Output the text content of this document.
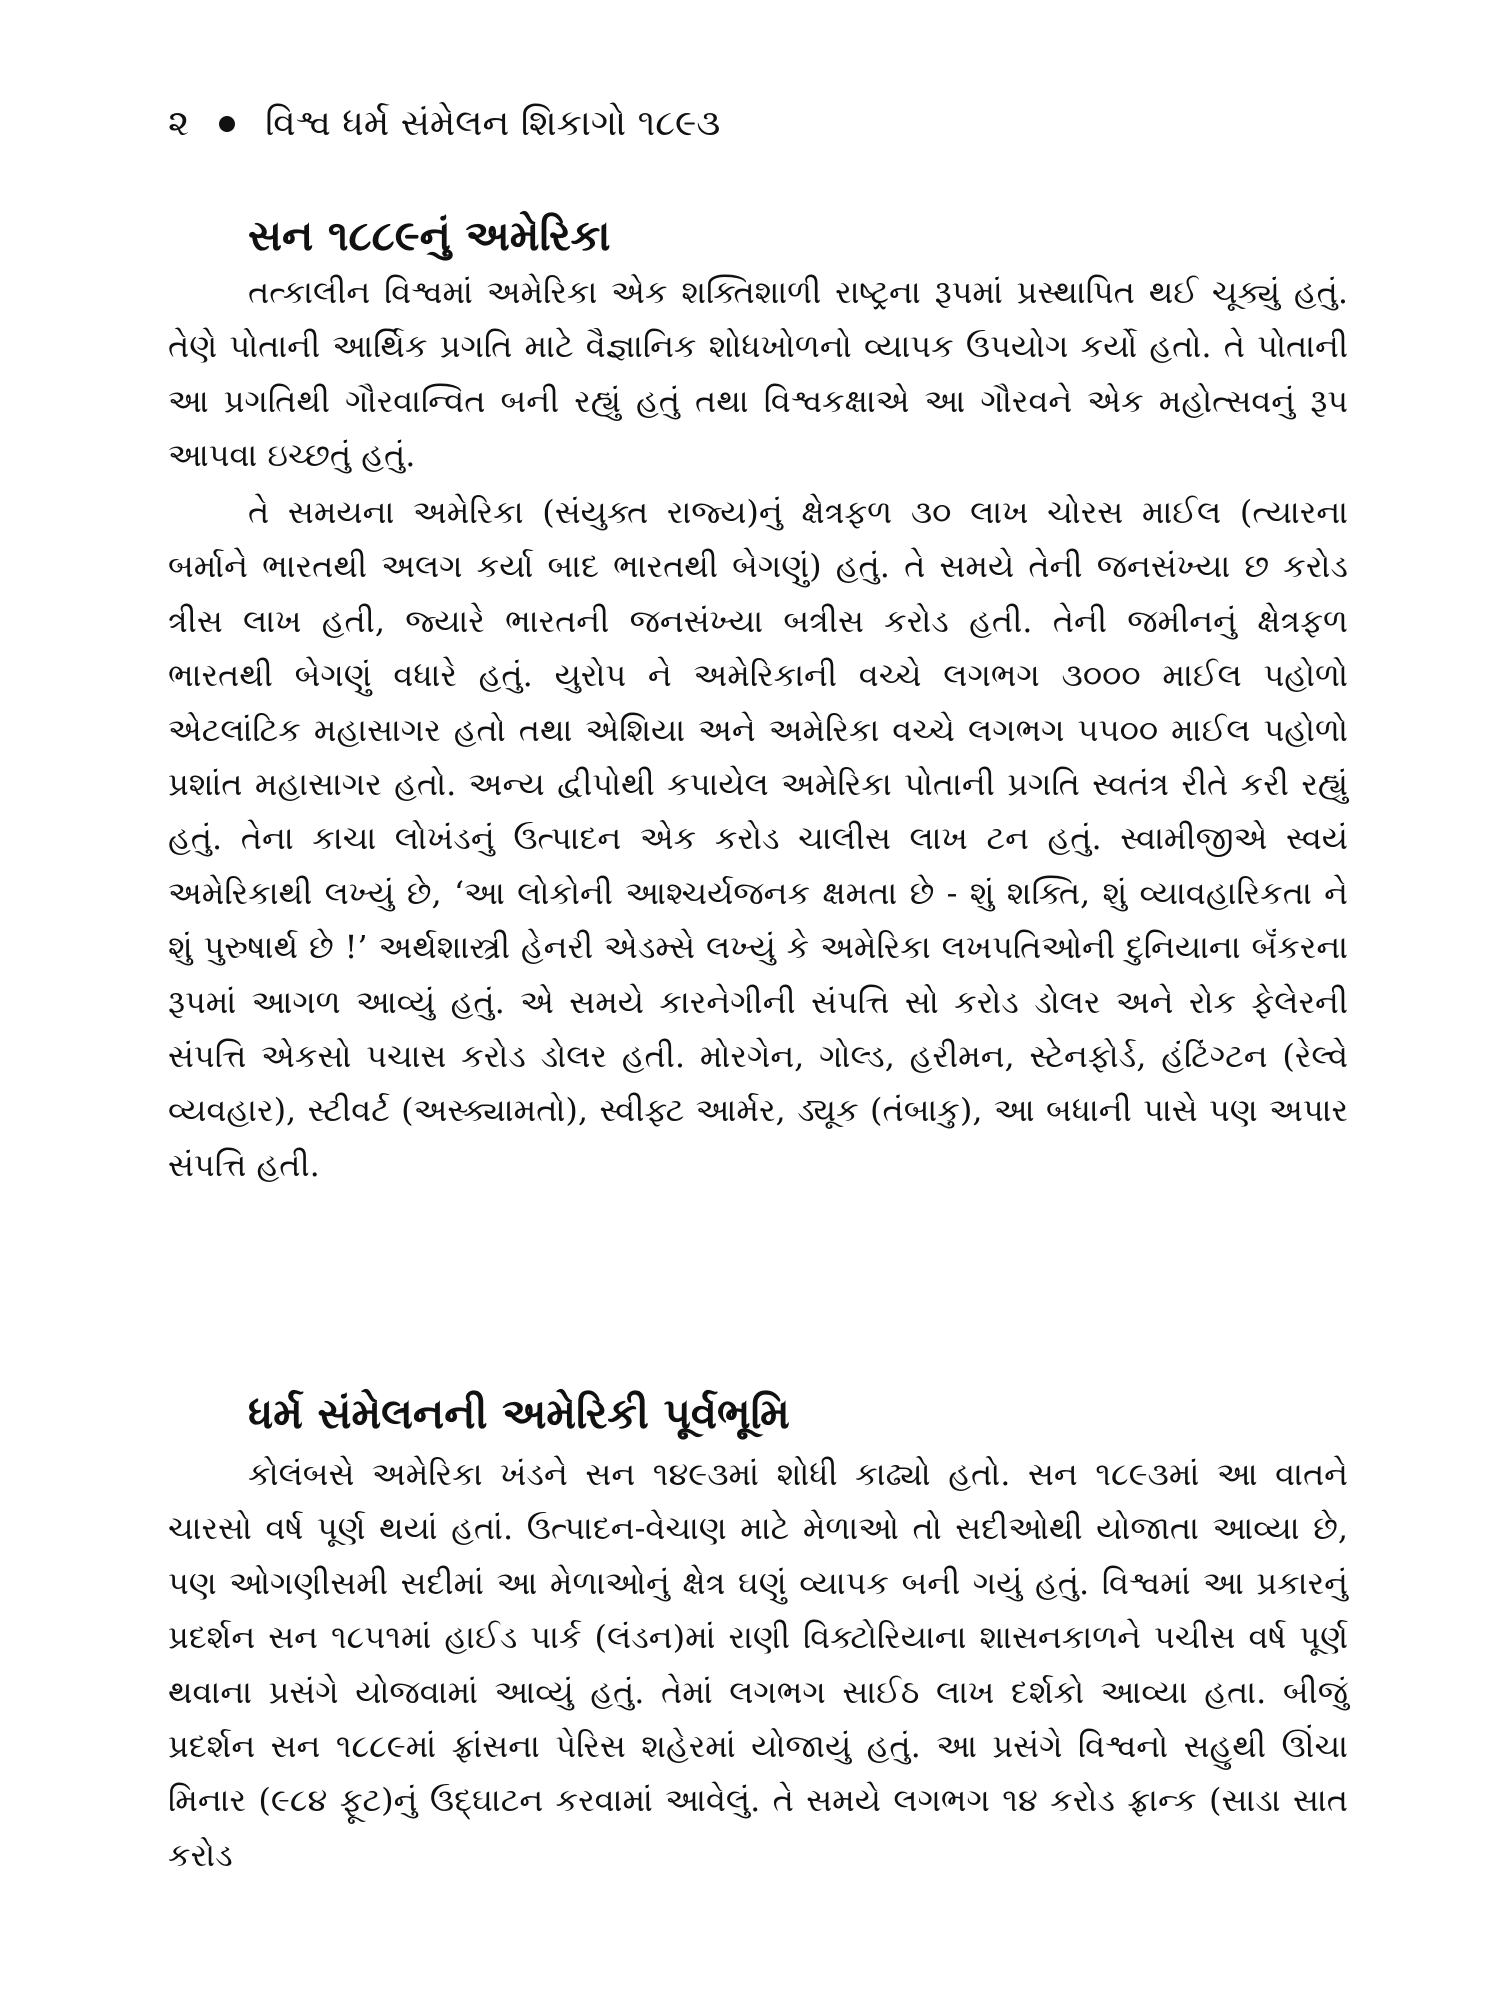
૨ વિશ્વ ધર્મ સંમેલન શિકાગો ૧૮૯૩
સન ૧૮૮૯નું અમેરિકા
તત્કાલીન વિશ્વમાં અમેરિકા એક શક્તિશાળી રાષ્ટ્રના રૂપમાં પ્રસ્થાપિત થઈ ચૂક્યું હતું. તેણે પોતાની આર્થિક પ્રગતિ માટે વૈજ્ઞાનિક શોધખોળનો વ્યાપક ઉપયોગ કર્યો હતો. તે પોતાની આ પ્રગતિથી ગૌરવાન્વિત બની રહ્યું હતું તથા વિશ્વકક્ષાએ આ ગૌરવને એક મહોત્સવનું રૂપ આપવા ઇચ્છતું હતું.
તે સમયના અમેરિકા (સંયુક્ત રાજ્ય)નું ક્ષેત્રફળ ૩૦ લાખ ચોરસ માઈલ (ત્યારના બર્માને ભારતથી અલગ કર્યા બાદ ભારતથી બેગણું) હતું. તે સમયે તેની જનસંખ્યા છ કરોડ ત્રીસ લાખ હતી, જ્યારે ભારતની જનસંખ્યા બત્રીસ કરોડ હતી. તેની જમીનનું ક્ષેત્રફળ ભારતથી બેગણું વધારે હતું. યુરોપ ને અમેરિકાની વચ્ચે લગભગ ૩૦૦૦ માઈલ પહોળો એટલાંટિક મહાસાગર હતો તથા એશિયા અને અમેરિકા વચ્ચે લગભગ ૫૫૦૦ માઈલ પહોળો પ્રશાંત મહાસાગર હતો. અન્ય દ્વીપોથી કપાયેલ અમેરિકા પોતાની પ્રગતિ સ્વતંત્ર રીતે કરી રહ્યું હતું. તેના કાચા લોખંડનું ઉત્પાદન એક કરોડ ચાલીસ લાખ ટન હતું. સ્વામીજીએ સ્વયં અમેરિકાથી લખ્યું છે, ‘આ લોકોની આશ્ચર્યજનક ક્ષમતા છે - શું શક્તિ, શું વ્યાવહારિકતા ને શું પુરુષાર્થ છે !’ અર્થશાસ્ત્રી હેનરી એડમ્સે લખ્યું કે અમેરિકા લખપતિઓની દુનિયાના બૅંકરના રૂપમાં આગળ આવ્યું હતું. એ સમયે કારનેગીની સંપત્તિ સો કરોડ ડોલર અને રોક ફેલેરની સંપત્તિ એકસો પચાસ કરોડ ડોલર હતી. મોરગેન, ગોલ્ડ, હરીમન, સ્ટેનફોર્ડ, હંટિંગ્ટન (રેલ્વે વ્યવહાર), સ્ટીવર્ટ (અસ્ક્યામતો), સ્વીફ્ટ આર્મર, ડ્યૂક (તંબાકુ), આ બધાની પાસે પણ અપાર સંપત્તિ હતી.
ધર્મ સંમેલનની અમેરિકી પૂર્વભૂમિ
કોલંબસે અમેરિકા ખંડને સન ૧૪૯૩માં શોધી કાઢ્યો હતો. સન ૧૮૯૩માં આ વાતને ચારસો વર્ષ પૂર્ણ થયાં હતાં. ઉત્પાદન-વેચાણ માટે મેળાઓ તો સદીઓથી યોજાતા આવ્યા છે, પણ ઓગણીસમી સદીમાં આ મેળાઓનું ક્ષેત્ર ઘણું વ્યાપક બની ગયું હતું. વિશ્વમાં આ પ્રકારનું પ્રદર્શન સન ૧૮૫૧માં હાઈડ પાર્ક (લંડન)માં રાણી વિક્ટોરિયાના શાસનકાળને પચીસ વર્ષ પૂર્ણ થવાના પ્રસંગે યોજવામાં આવ્યું હતું. તેમાં લગભગ સાઈઠ લાખ દર્શકો આવ્યા હતા. બીજું પ્રદર્શન સન ૧૮૮૯માં ફ્રાંસના પેરિસ શહેરમાં યોજાયું હતું. આ પ્રસંગે વિશ્વનો સહુથી ઊંચા મિનાર (૯૮૪ ફૂટ)નું ઉદ્‌ઘાટન કરવામાં આવેલું. તે સમયે લગભગ ૧૪ કરોડ ફ્રાન્ક (સાડા સાત કરોડ
